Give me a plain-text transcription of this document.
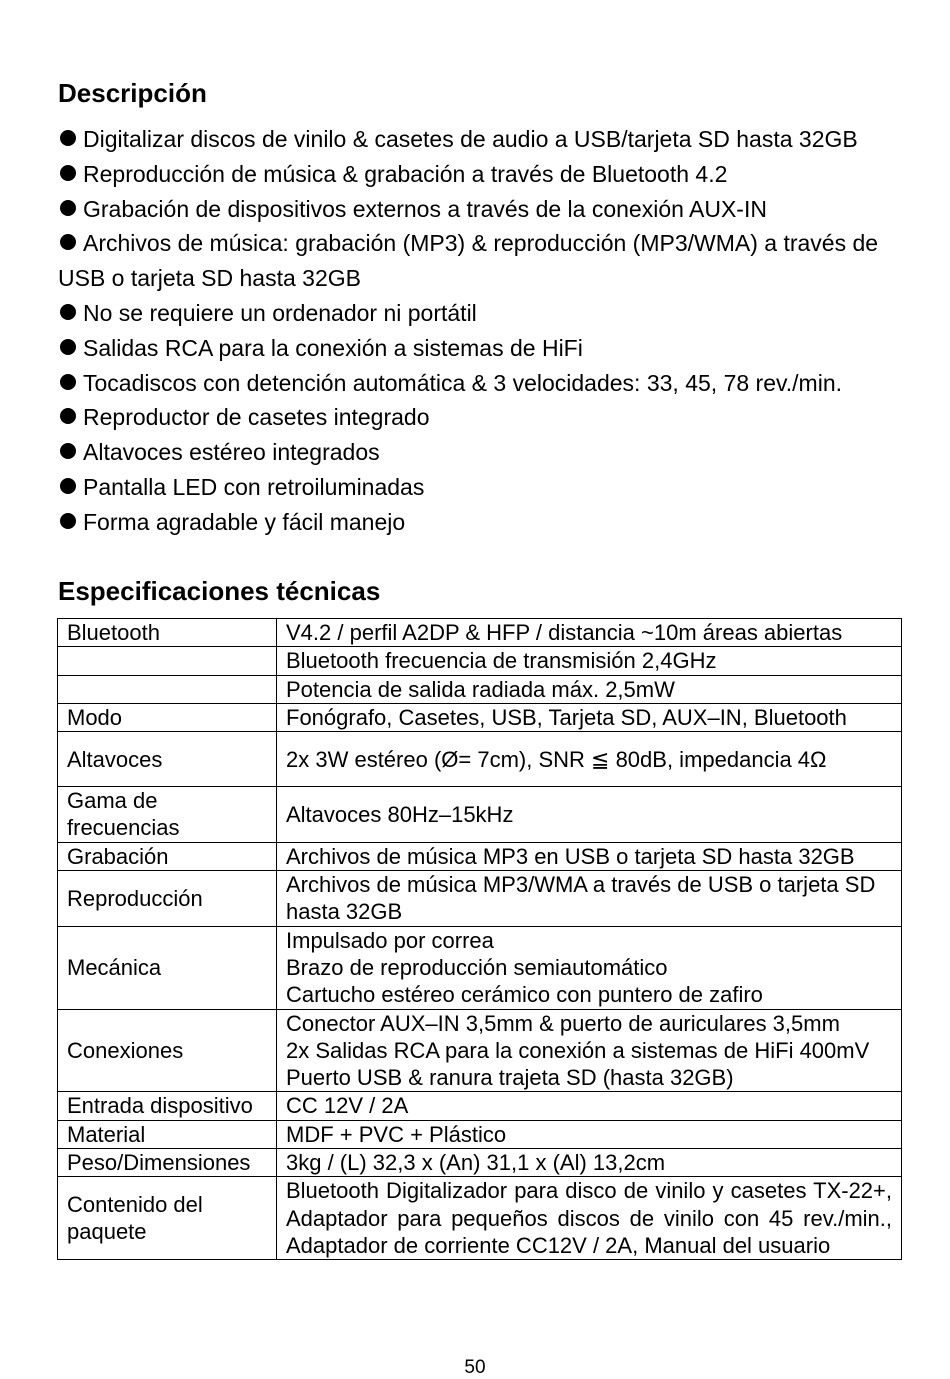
Descripción
Digitalizar discos de vinilo & casetes de audio a USB/tarjeta SD hasta 32GB
Reproducción de música & grabación a través de Bluetooth 4.2
Grabación de dispositivos externos a través de la conexión AUX-IN
Archivos de música: grabación (MP3) & reproducción (MP3/WMA) a través de USB o tarjeta SD hasta 32GB
No se requiere un ordenador ni portátil
Salidas RCA para la conexión a sistemas de HiFi
Tocadiscos con detención automática & 3 velocidades: 33, 45, 78 rev./min.
Reproductor de casetes integrado
Altavoces estéreo integrados
Pantalla LED con retroiluminadas
Forma agradable y fácil manejo
Especificaciones técnicas
Bluetooth	V4.2 / perfil A2DP & HFP / distancia ~10m áreas abiertas

	Bluetooth frecuencia de transmisión 2,4GHz

	Potencia de salida radiada máx. 2,5mW

Modo	Fonógrafo, Casetes, USB, Tarjeta SD, AUX–IN, Bluetooth

Altavoces	2x 3W estéreo (Ø= 7cm), SNR ≦ 80dB, impedancia 4Ω

Gama de frecuencias	Altavoces 80Hz–15kHz

Grabación	Archivos de música MP3 en USB o tarjeta SD hasta 32GB

Reproducción	Archivos de música MP3/WMA a través de USB o tarjeta SD hasta 32GB

Mecánica	Impulsado por correa
Brazo de reproducción semiautomático
Cartucho estéreo cerámico con puntero de zafiro

Conexiones	Conector AUX–IN 3,5mm & puerto de auriculares 3,5mm
2x Salidas RCA para la conexión a sistemas de HiFi 400mV
Puerto USB & ranura trajeta SD (hasta 32GB)

Entrada dispositivo	CC 12V / 2A

Material	MDF + PVC + Plástico

Peso/Dimensiones	3kg / (L) 32,3 x (An) 31,1 x (Al) 13,2cm

Contenido del paquete	Bluetooth Digitalizador para disco de vinilo y casetes TX-22+, Adaptador para pequeños discos de vinilo con 45 rev./min., Adaptador de corriente CC12V / 2A, Manual del usuario
50
